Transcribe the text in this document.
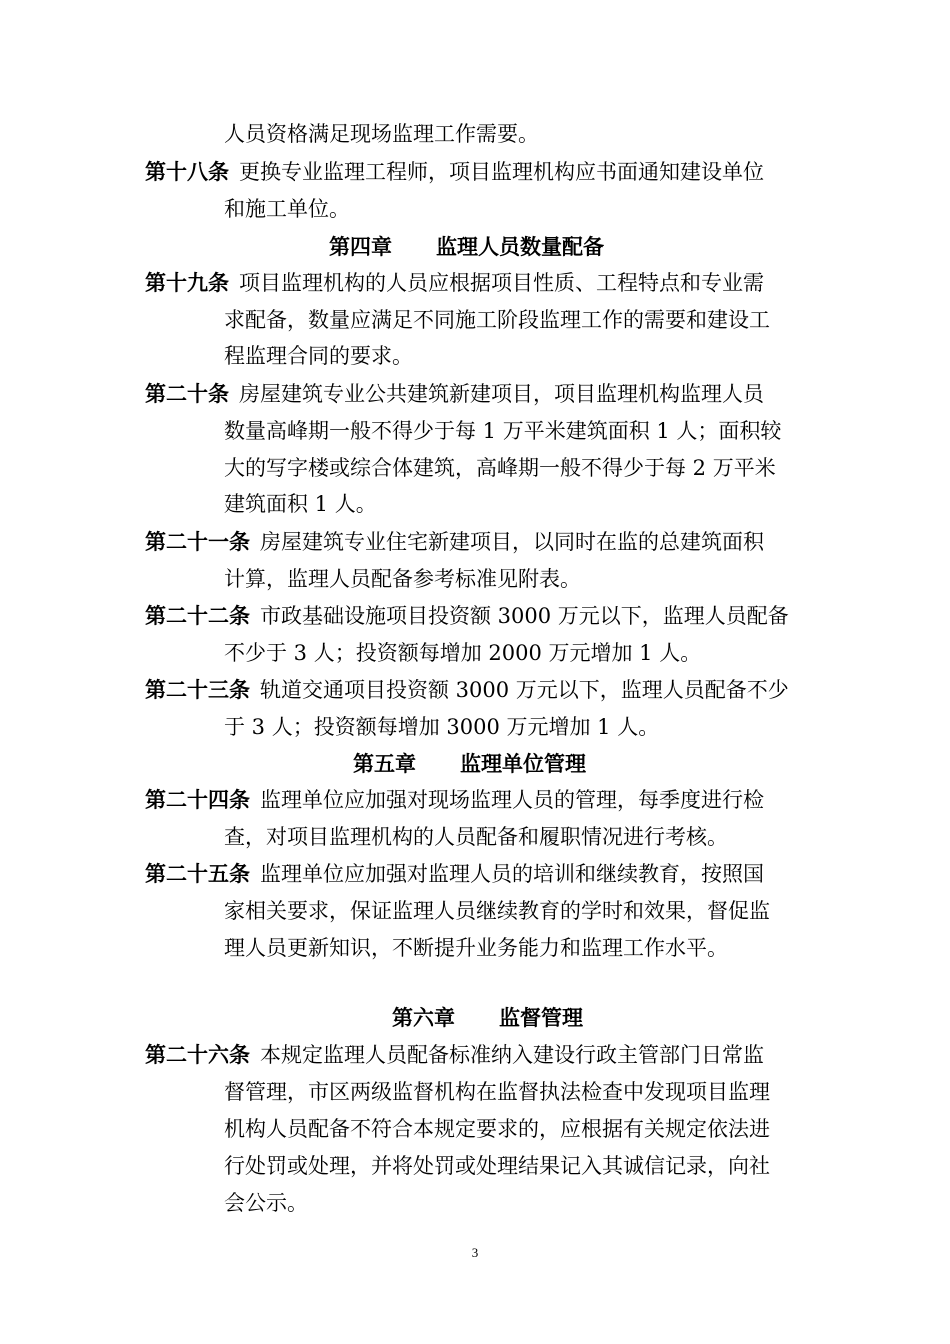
人员资格满足现场监理工作需要。
第十八条 更换专业监理工程师，项目监理机构应书面通知建设单位
和施工单位。
第四章 监理人员数量配备
第十九条 项目监理机构的人员应根据项目性质、工程特点和专业需
求配备，数量应满足不同施工阶段监理工作的需要和建设工
程监理合同的要求。
第二十条 房屋建筑专业公共建筑新建项目，项目监理机构监理人员
数量高峰期一般不得少于每 1 万平米建筑面积 1 人；面积较
大的写字楼或综合体建筑，高峰期一般不得少于每 2 万平米
建筑面积 1 人。
第二十一条 房屋建筑专业住宅新建项目，以同时在监的总建筑面积
计算，监理人员配备参考标准见附表。
第二十二条 市政基础设施项目投资额 3000 万元以下，监理人员配备
不少于 3 人；投资额每增加 2000 万元增加 1 人。
第二十三条 轨道交通项目投资额 3000 万元以下，监理人员配备不少
于 3 人；投资额每增加 3000 万元增加 1 人。
第五章 监理单位管理
第二十四条 监理单位应加强对现场监理人员的管理，每季度进行检
查，对项目监理机构的人员配备和履职情况进行考核。
第二十五条 监理单位应加强对监理人员的培训和继续教育，按照国
家相关要求，保证监理人员继续教育的学时和效果，督促监
理人员更新知识，不断提升业务能力和监理工作水平。
第六章 监督管理
第二十六条 本规定监理人员配备标准纳入建设行政主管部门日常监
督管理，市区两级监督机构在监督执法检查中发现项目监理
机构人员配备不符合本规定要求的，应根据有关规定依法进
行处罚或处理，并将处罚或处理结果记入其诚信记录，向社
会公示。
3
